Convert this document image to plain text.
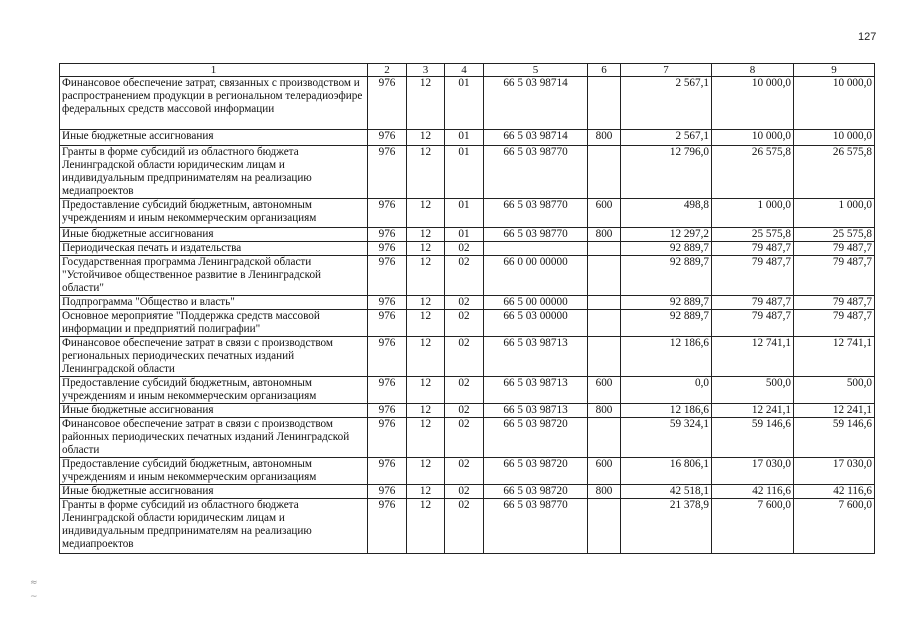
127
1	2	3	4	5	6	7	8	9
Финансовое обеспечение затрат, связанных с производством и распространением продукции в региональном телерадиоэфире федеральных средств массовой информации	976	12	01	66 5 03 98714		2 567,1	10 000,0	10 000,0
Иные бюджетные ассигнования	976	12	01	66 5 03 98714	800	2 567,1	10 000,0	10 000,0
Гранты в форме субсидий из областного бюджета Ленинградской области юридическим лицам и индивидуальным предпринимателям на реализацию медиапроектов	976	12	01	66 5 03 98770		12 796,0	26 575,8	26 575,8
Предоставление субсидий бюджетным, автономным учреждениям и иным некоммерческим организациям	976	12	01	66 5 03 98770	600	498,8	1 000,0	1 000,0
Иные бюджетные ассигнования	976	12	01	66 5 03 98770	800	12 297,2	25 575,8	25 575,8
Периодическая печать и издательства	976	12	02			92 889,7	79 487,7	79 487,7
Государственная программа Ленинградской области "Устойчивое общественное развитие в Ленинградской области"	976	12	02	66 0 00 00000		92 889,7	79 487,7	79 487,7
Подпрограмма "Общество и власть"	976	12	02	66 5 00 00000		92 889,7	79 487,7	79 487,7
Основное мероприятие "Поддержка средств массовой информации и предприятий полиграфии"	976	12	02	66 5 03 00000		92 889,7	79 487,7	79 487,7
Финансовое обеспечение затрат в связи с производством региональных периодических печатных изданий Ленинградской области	976	12	02	66 5 03 98713		12 186,6	12 741,1	12 741,1
Предоставление субсидий бюджетным, автономным учреждениям и иным некоммерческим организациям	976	12	02	66 5 03 98713	600	0,0	500,0	500,0
Иные бюджетные ассигнования	976	12	02	66 5 03 98713	800	12 186,6	12 241,1	12 241,1
Финансовое обеспечение затрат в связи с производством районных периодических печатных изданий Ленинградской области	976	12	02	66 5 03 98720		59 324,1	59 146,6	59 146,6
Предоставление субсидий бюджетным, автономным учреждениям и иным некоммерческим организациям	976	12	02	66 5 03 98720	600	16 806,1	17 030,0	17 030,0
Иные бюджетные ассигнования	976	12	02	66 5 03 98720	800	42 518,1	42 116,6	42 116,6
Гранты в форме субсидий из областного бюджета Ленинградской области юридическим лицам и индивидуальным предпринимателям на реализацию медиапроектов	976	12	02	66 5 03 98770		21 378,9	7 600,0	7 600,0
≈
~
